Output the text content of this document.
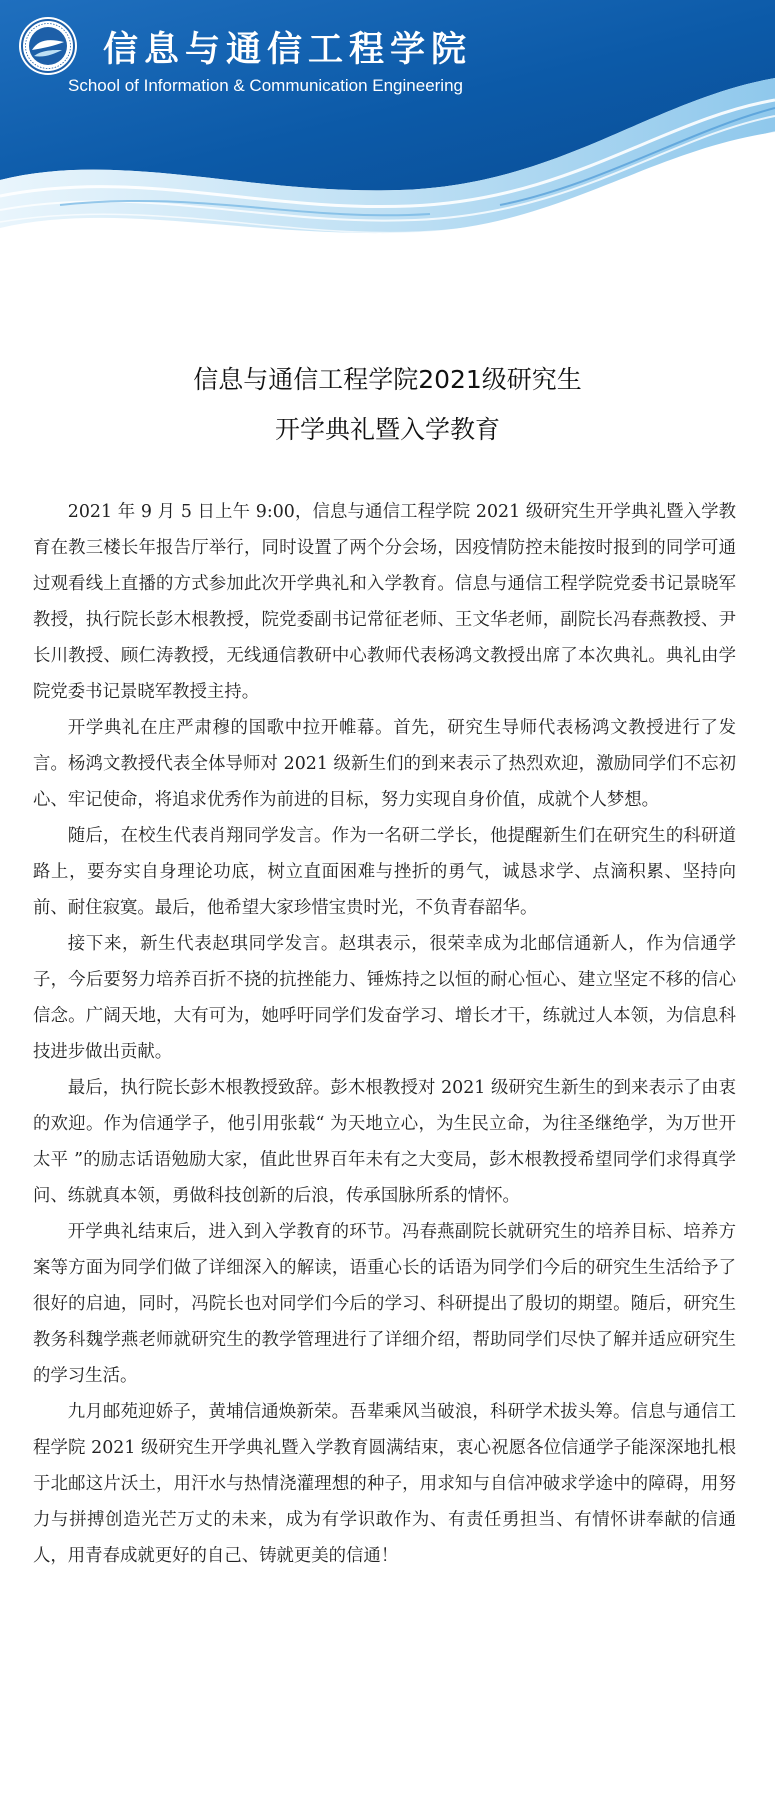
信息与通信工程学院
School of Information & Communication Engineering
信息与通信工程学院2021级研究生
开学典礼暨入学教育

2021 年 9 月 5 日上午 9:00，信息与通信工程学院 2021 级研究生开学典礼暨入学教育在教三楼长年报告厅举行，同时设置了两个分会场，因疫情防控未能按时报到的同学可通过观看线上直播的方式参加此次开学典礼和入学教育。信息与通信工程学院党委书记景晓军教授，执行院长彭木根教授，院党委副书记常征老师、王文华老师，副院长冯春燕教授、尹长川教授、顾仁涛教授，无线通信教研中心教师代表杨鸿文教授出席了本次典礼。典礼由学院党委书记景晓军教授主持。

开学典礼在庄严肃穆的国歌中拉开帷幕。首先，研究生导师代表杨鸿文教授进行了发言。杨鸿文教授代表全体导师对 2021 级新生们的到来表示了热烈欢迎，激励同学们不忘初心、牢记使命，将追求优秀作为前进的目标，努力实现自身价值，成就个人梦想。

随后，在校生代表肖翔同学发言。作为一名研二学长，他提醒新生们在研究生的科研道路上，要夯实自身理论功底，树立直面困难与挫折的勇气，诚恳求学、点滴积累、坚持向前、耐住寂寞。最后，他希望大家珍惜宝贵时光，不负青春韶华。

接下来，新生代表赵琪同学发言。赵琪表示，很荣幸成为北邮信通新人，作为信通学子，今后要努力培养百折不挠的抗挫能力、锤炼持之以恒的耐心恒心、建立坚定不移的信心信念。广阔天地，大有可为，她呼吁同学们发奋学习、增长才干，练就过人本领，为信息科技进步做出贡献。

最后，执行院长彭木根教授致辞。彭木根教授对 2021 级研究生新生的到来表示了由衷的欢迎。作为信通学子，他引用张载“ 为天地立心，为生民立命，为往圣继绝学，为万世开太平 ”的励志话语勉励大家，值此世界百年未有之大变局，彭木根教授希望同学们求得真学问、练就真本领，勇做科技创新的后浪，传承国脉所系的情怀。

开学典礼结束后，进入到入学教育的环节。冯春燕副院长就研究生的培养目标、培养方案等方面为同学们做了详细深入的解读，语重心长的话语为同学们今后的研究生生活给予了很好的启迪，同时，冯院长也对同学们今后的学习、科研提出了殷切的期望。随后，研究生教务科魏学燕老师就研究生的教学管理进行了详细介绍，帮助同学们尽快了解并适应研究生的学习生活。

九月邮苑迎娇子，黄埔信通焕新荣。吾辈乘风当破浪，科研学术拔头筹。信息与通信工程学院 2021 级研究生开学典礼暨入学教育圆满结束，衷心祝愿各位信通学子能深深地扎根于北邮这片沃土，用汗水与热情浇灌理想的种子，用求知与自信冲破求学途中的障碍，用努力与拼搏创造光芒万丈的未来，成为有学识敢作为、有责任勇担当、有情怀讲奉献的信通人，用青春成就更好的自己、铸就更美的信通！
